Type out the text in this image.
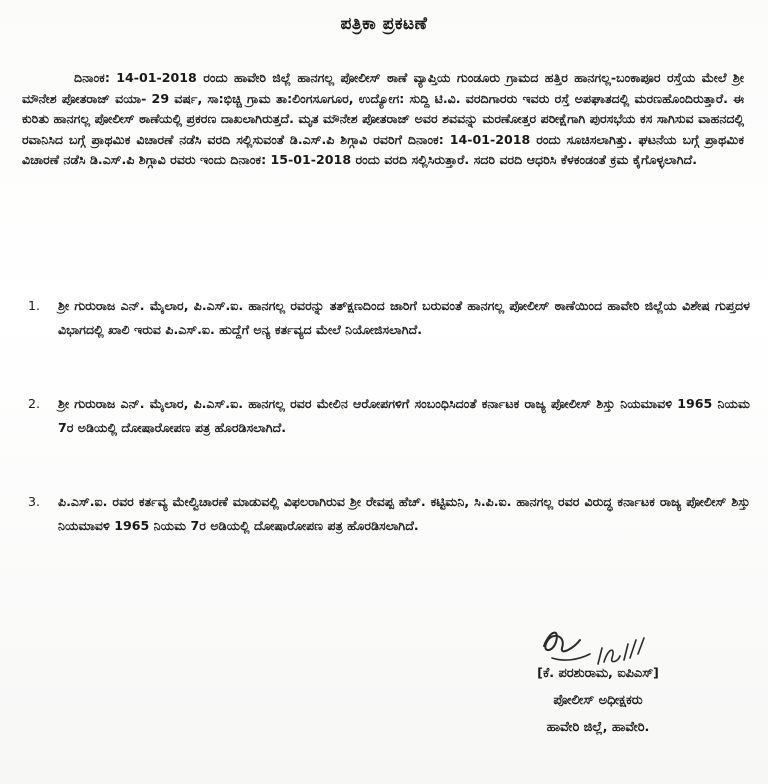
ಪತ್ರಿಕಾ ಪ್ರಕಟಣೆ
ದಿನಾಂಕ: 14-01-2018 ರಂದು ಹಾವೇರಿ ಜಿಲ್ಲೆ ಹಾನಗಲ್ಲ ಪೋಲೀಸ್ ಠಾಣೆ ವ್ಯಾಪ್ತಿಯ ಗುಂಡೂರು ಗ್ರಾಮದ ಹತ್ತಿರ ಹಾನಗಲ್ಲ-ಬಂಕಾಪೂರ ರಸ್ತೆಯ ಮೇಲೆ ಶ್ರೀ ಮೌನೇಶ ಪೋತರಾಜ್ ವಯಾ- 29 ವರ್ಷ, ಸಾ:ಭಿಚ್ಚಿ ಗ್ರಾಮ ತಾ:ಲಿಂಗಸೂಗೂರ, ಉದ್ಯೋಗ: ಸುದ್ದಿ ಟಿ.ವಿ. ವರದಿಗಾರರು ಇವರು ರಸ್ತೆ ಅಪಘಾತದಲ್ಲಿ ಮರಣಹೊಂದಿರುತ್ತಾರೆ. ಈ ಕುರಿತು ಹಾನಗಲ್ಲ ಪೋಲೀಸ್ ಠಾಣೆಯಲ್ಲಿ ಪ್ರಕರಣ ದಾಖಲಾಗಿರುತ್ತದೆ. ಮೃತ ಮೌನೇಶ ಪೋತರಾಜ್ ಅವರ ಶವವನ್ನು ಮರಣೋತ್ತರ ಪರೀಕ್ಷೆಗಾಗಿ ಪುರಸಭೆಯ ಕಸ ಸಾಗಿಸುವ ವಾಹನದಲ್ಲಿ ರವಾನಿಸಿದ ಬಗ್ಗೆ ಪ್ರಾಥಮಿಕ ವಿಚಾರಣೆ ನಡೆಸಿ ವರದಿ ಸಲ್ಲಿಸುವಂತೆ ಡಿ.ಎಸ್.ಪಿ ಶಿಗ್ಗಾವಿ ರವರಿಗೆ ದಿನಾಂಕ: 14-01-2018 ರಂದು ಸೂಚಿಸಲಾಗಿತ್ತು. ಘಟನೆಯ ಬಗ್ಗೆ ಪ್ರಾಥಮಿಕ ವಿಚಾರಣೆ ನಡೆಸಿ ಡಿ.ಎಸ್.ಪಿ ಶಿಗ್ಗಾವಿ ರವರು ಇಂದು ದಿನಾಂಕ: 15-01-2018 ರಂದು ವರದಿ ಸಲ್ಲಿಸಿರುತ್ತಾರೆ. ಸದರಿ ವರದಿ ಆಧರಿಸಿ ಕೆಳಕಂಡಂತೆ ಕ್ರಮ ಕೈಗೊಳ್ಳಲಾಗಿದೆ.
1.	ಶ್ರೀ ಗುರುರಾಜ ಎನ್. ಮೈಲಾರ, ಪಿ.ಎಸ್.ಐ. ಹಾನಗಲ್ಲ ರವರನ್ನು ತತ್‌ಕ್ಷಣದಿಂದ ಜಾರಿಗೆ ಬರುವಂತೆ ಹಾನಗಲ್ಲ ಪೋಲೀಸ್ ಠಾಣೆಯಿಂದ ಹಾವೇರಿ ಜಿಲ್ಲೆಯ ವಿಶೇಷ ಗುಪ್ತದಳ ವಿಭಾಗದಲ್ಲಿ ಖಾಲಿ ಇರುವ ಪಿ.ಎಸ್.ಐ. ಹುದ್ದೆಗೆ ಅನ್ಯ ಕರ್ತವ್ಯದ ಮೇಲೆ ನಿಯೋಜಿಸಲಾಗಿದೆ.
2.	ಶ್ರೀ ಗುರುರಾಜ ಎನ್. ಮೈಲಾರ, ಪಿ.ಎಸ್.ಐ. ಹಾನಗಲ್ಲ ರವರ ಮೇಲಿನ ಆರೋಪಗಳಿಗೆ ಸಂಬಂಧಿಸಿದಂತೆ ಕರ್ನಾಟಕ ರಾಜ್ಯ ಪೋಲೀಸ್ ಶಿಸ್ತು ನಿಯಮಾವಳಿ 1965 ನಿಯಮ 7ರ ಅಡಿಯಲ್ಲಿ ದೋಷಾರೋಪಣ ಪತ್ರ ಹೊರಡಿಸಲಾಗಿದೆ.
3.	ಪಿ.ಎಸ್.ಐ. ರವರ ಕರ್ತವ್ಯ ಮೇಲ್ವಿಚಾರಣೆ ಮಾಡುವಲ್ಲಿ ವಿಫಲರಾಗಿರುವ ಶ್ರೀ ರೇವಪ್ಪ ಹೆಚ್. ಕಟ್ಟಿಮನಿ, ಸಿ.ಪಿ.ಐ. ಹಾನಗಲ್ಲ ರವರ ವಿರುದ್ಧ ಕರ್ನಾಟಕ ರಾಜ್ಯ ಪೋಲೀಸ್ ಶಿಸ್ತು ನಿಯಮಾವಳಿ 1965 ನಿಯಮ 7ರ ಅಡಿಯಲ್ಲಿ ದೋಷಾರೋಪಣ ಪತ್ರ ಹೊರಡಿಸಲಾಗಿದೆ.
[ಕೆ. ಪರಶುರಾಮ, ಐಪಿಎಸ್]
ಪೋಲೀಸ್ ಅಧೀಕ್ಷಕರು
ಹಾವೇರಿ ಜಿಲ್ಲೆ, ಹಾವೇರಿ.
